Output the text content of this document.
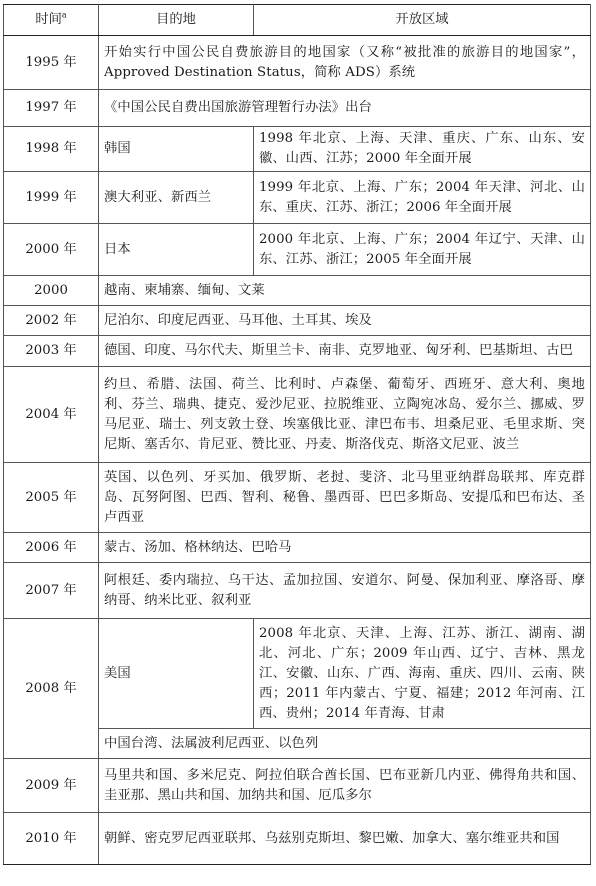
时间$^a$	目的地	开放区域
1995 年	开始实行中国公民自费旅游目的地国家（又称“被批准的旅游目的地国家”，Approved Destination Status，简称 ADS）系统	
1997 年	《中国公民自费出国旅游管理暂行办法》出台	
1998 年	韩国	1998 年北京、上海、天津、重庆、广东、山东、安徽、山西、江苏；2000 年全面开展
1999 年	澳大利亚、新西兰	1999 年北京、上海、广东；2004 年天津、河北、山东、重庆、江苏、浙江；2006 年全面开展
2000 年	日本	2000 年北京、上海、广东；2004 年辽宁、天津、山东、江苏、浙江；2005 年全面开展
2000	越南、柬埔寨、缅甸、文莱	
2002 年	尼泊尔、印度尼西亚、马耳他、土耳其、埃及	
2003 年	德国、印度、马尔代夫、斯里兰卡、南非、克罗地亚、匈牙利、巴基斯坦、古巴	
2004 年	约旦、希腊、法国、荷兰、比利时、卢森堡、葡萄牙、西班牙、意大利、奥地利、芬兰、瑞典、捷克、爱沙尼亚、拉脱维亚、立陶宛冰岛、爱尔兰、挪威、罗马尼亚、瑞士、列支敦士登、埃塞俄比亚、津巴布韦、坦桑尼亚、毛里求斯、突尼斯、塞舌尔、肯尼亚、赞比亚、丹麦、斯洛伐克、斯洛文尼亚、波兰	
2005 年	英国、以色列、牙买加、俄罗斯、老挝、斐济、北马里亚纳群岛联邦、库克群岛、瓦努阿图、巴西、智利、秘鲁、墨西哥、巴巴多斯岛、安提瓜和巴布达、圣卢西亚	
2006 年	蒙古、汤加、格林纳达、巴哈马	
2007 年	阿根廷、委内瑞拉、乌干达、孟加拉国、安道尔、阿曼、保加利亚、摩洛哥、摩纳哥、纳米比亚、叙利亚	
2008 年	美国	2008 年北京、天津、上海、江苏、浙江、湖南、湖北、河北、广东；2009 年山西、辽宁、吉林、黑龙江、安徽、山东、广西、海南、重庆、四川、云南、陕西；2011 年内蒙古、宁夏、福建；2012 年河南、江西、贵州；2014 年青海、甘肃
	中国台湾、法属波利尼西亚、以色列	
2009 年	马里共和国、多米尼克、阿拉伯联合酋长国、巴布亚新几内亚、佛得角共和国、圭亚那、黑山共和国、加纳共和国、厄瓜多尔	
2010 年	朝鲜、密克罗尼西亚联邦、乌兹别克斯坦、黎巴嫩、加拿大、塞尔维亚共和国	
